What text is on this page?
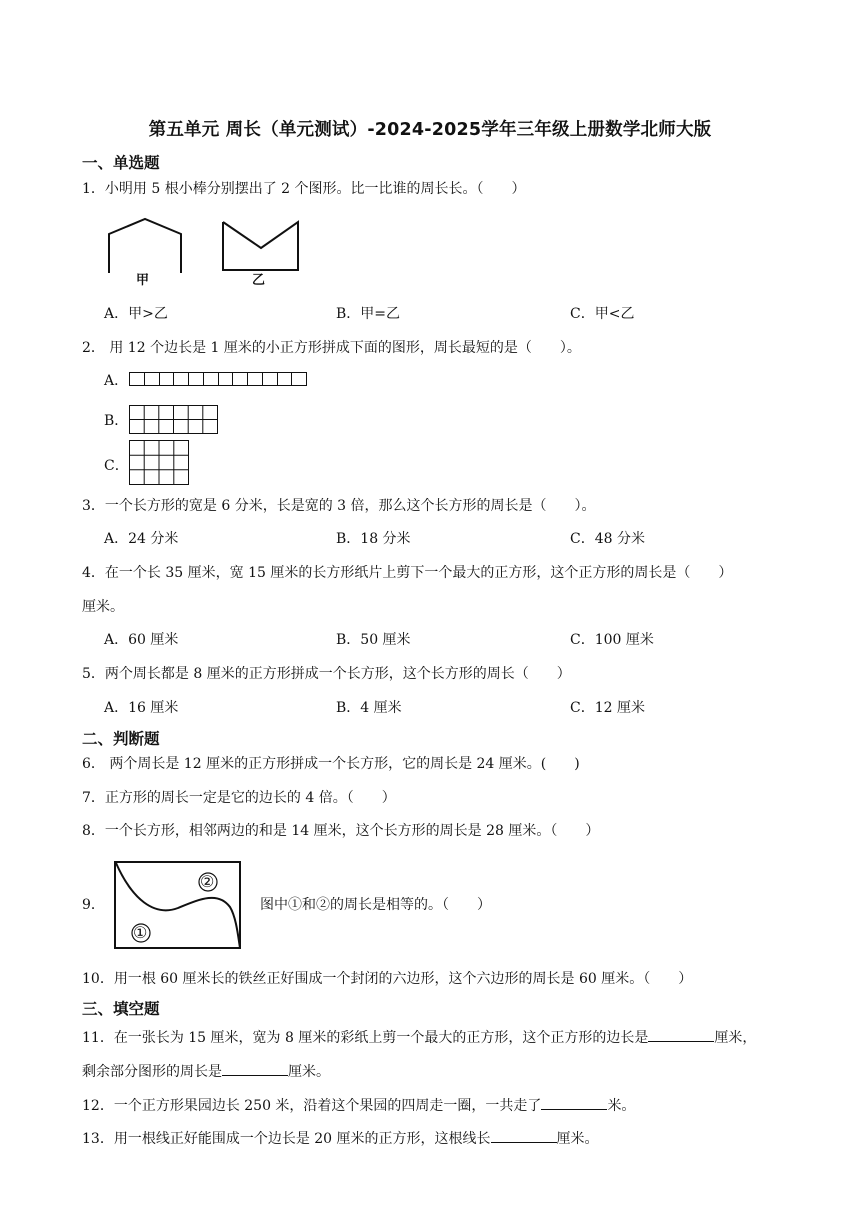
第五单元 周长（单元测试）-2024-2025学年三年级上册数学北师大版
一、单选题
1．小明用 5 根小棒分别摆出了 2 个图形。比一比谁的周长长。（　　）
甲	乙
A．甲>乙	B．甲=乙	C．甲<乙
2． 用 12 个边长是 1 厘米的小正方形拼成下面的图形，周长最短的是（　　）。
A．
B．
C．
3．一个长方形的宽是 6 分米，长是宽的 3 倍，那么这个长方形的周长是（　　）。
A．24 分米	B．18 分米	C．48 分米
4．在一个长 35 厘米，宽 15 厘米的长方形纸片上剪下一个最大的正方形，这个正方形的周长是（　　）
厘米。
A．60 厘米	B．50 厘米	C．100 厘米
5．两个周长都是 8 厘米的正方形拼成一个长方形，这个长方形的周长（　　）
A．16 厘米	B．4 厘米	C．12 厘米
二、判断题
6． 两个周长是 12 厘米的正方形拼成一个长方形，它的周长是 24 厘米。(　　)
7．正方形的周长一定是它的边长的 4 倍。（　　）
8．一个长方形，相邻两边的和是 14 厘米，这个长方形的周长是 28 厘米。（　　）
9．
②
①
图中①和②的周长是相等的。（　　）
10．用一根 60 厘米长的铁丝正好围成一个封闭的六边形，这个六边形的周长是 60 厘米。（　　）
三、填空题
11．在一张长为 15 厘米，宽为 8 厘米的彩纸上剪一个最大的正方形，这个正方形的边长是	厘米，
剩余部分图形的周长是	厘米。
12．一个正方形果园边长 250 米，沿着这个果园的四周走一圈，一共走了	米。
13．用一根线正好能围成一个边长是 20 厘米的正方形，这根线长	厘米。
